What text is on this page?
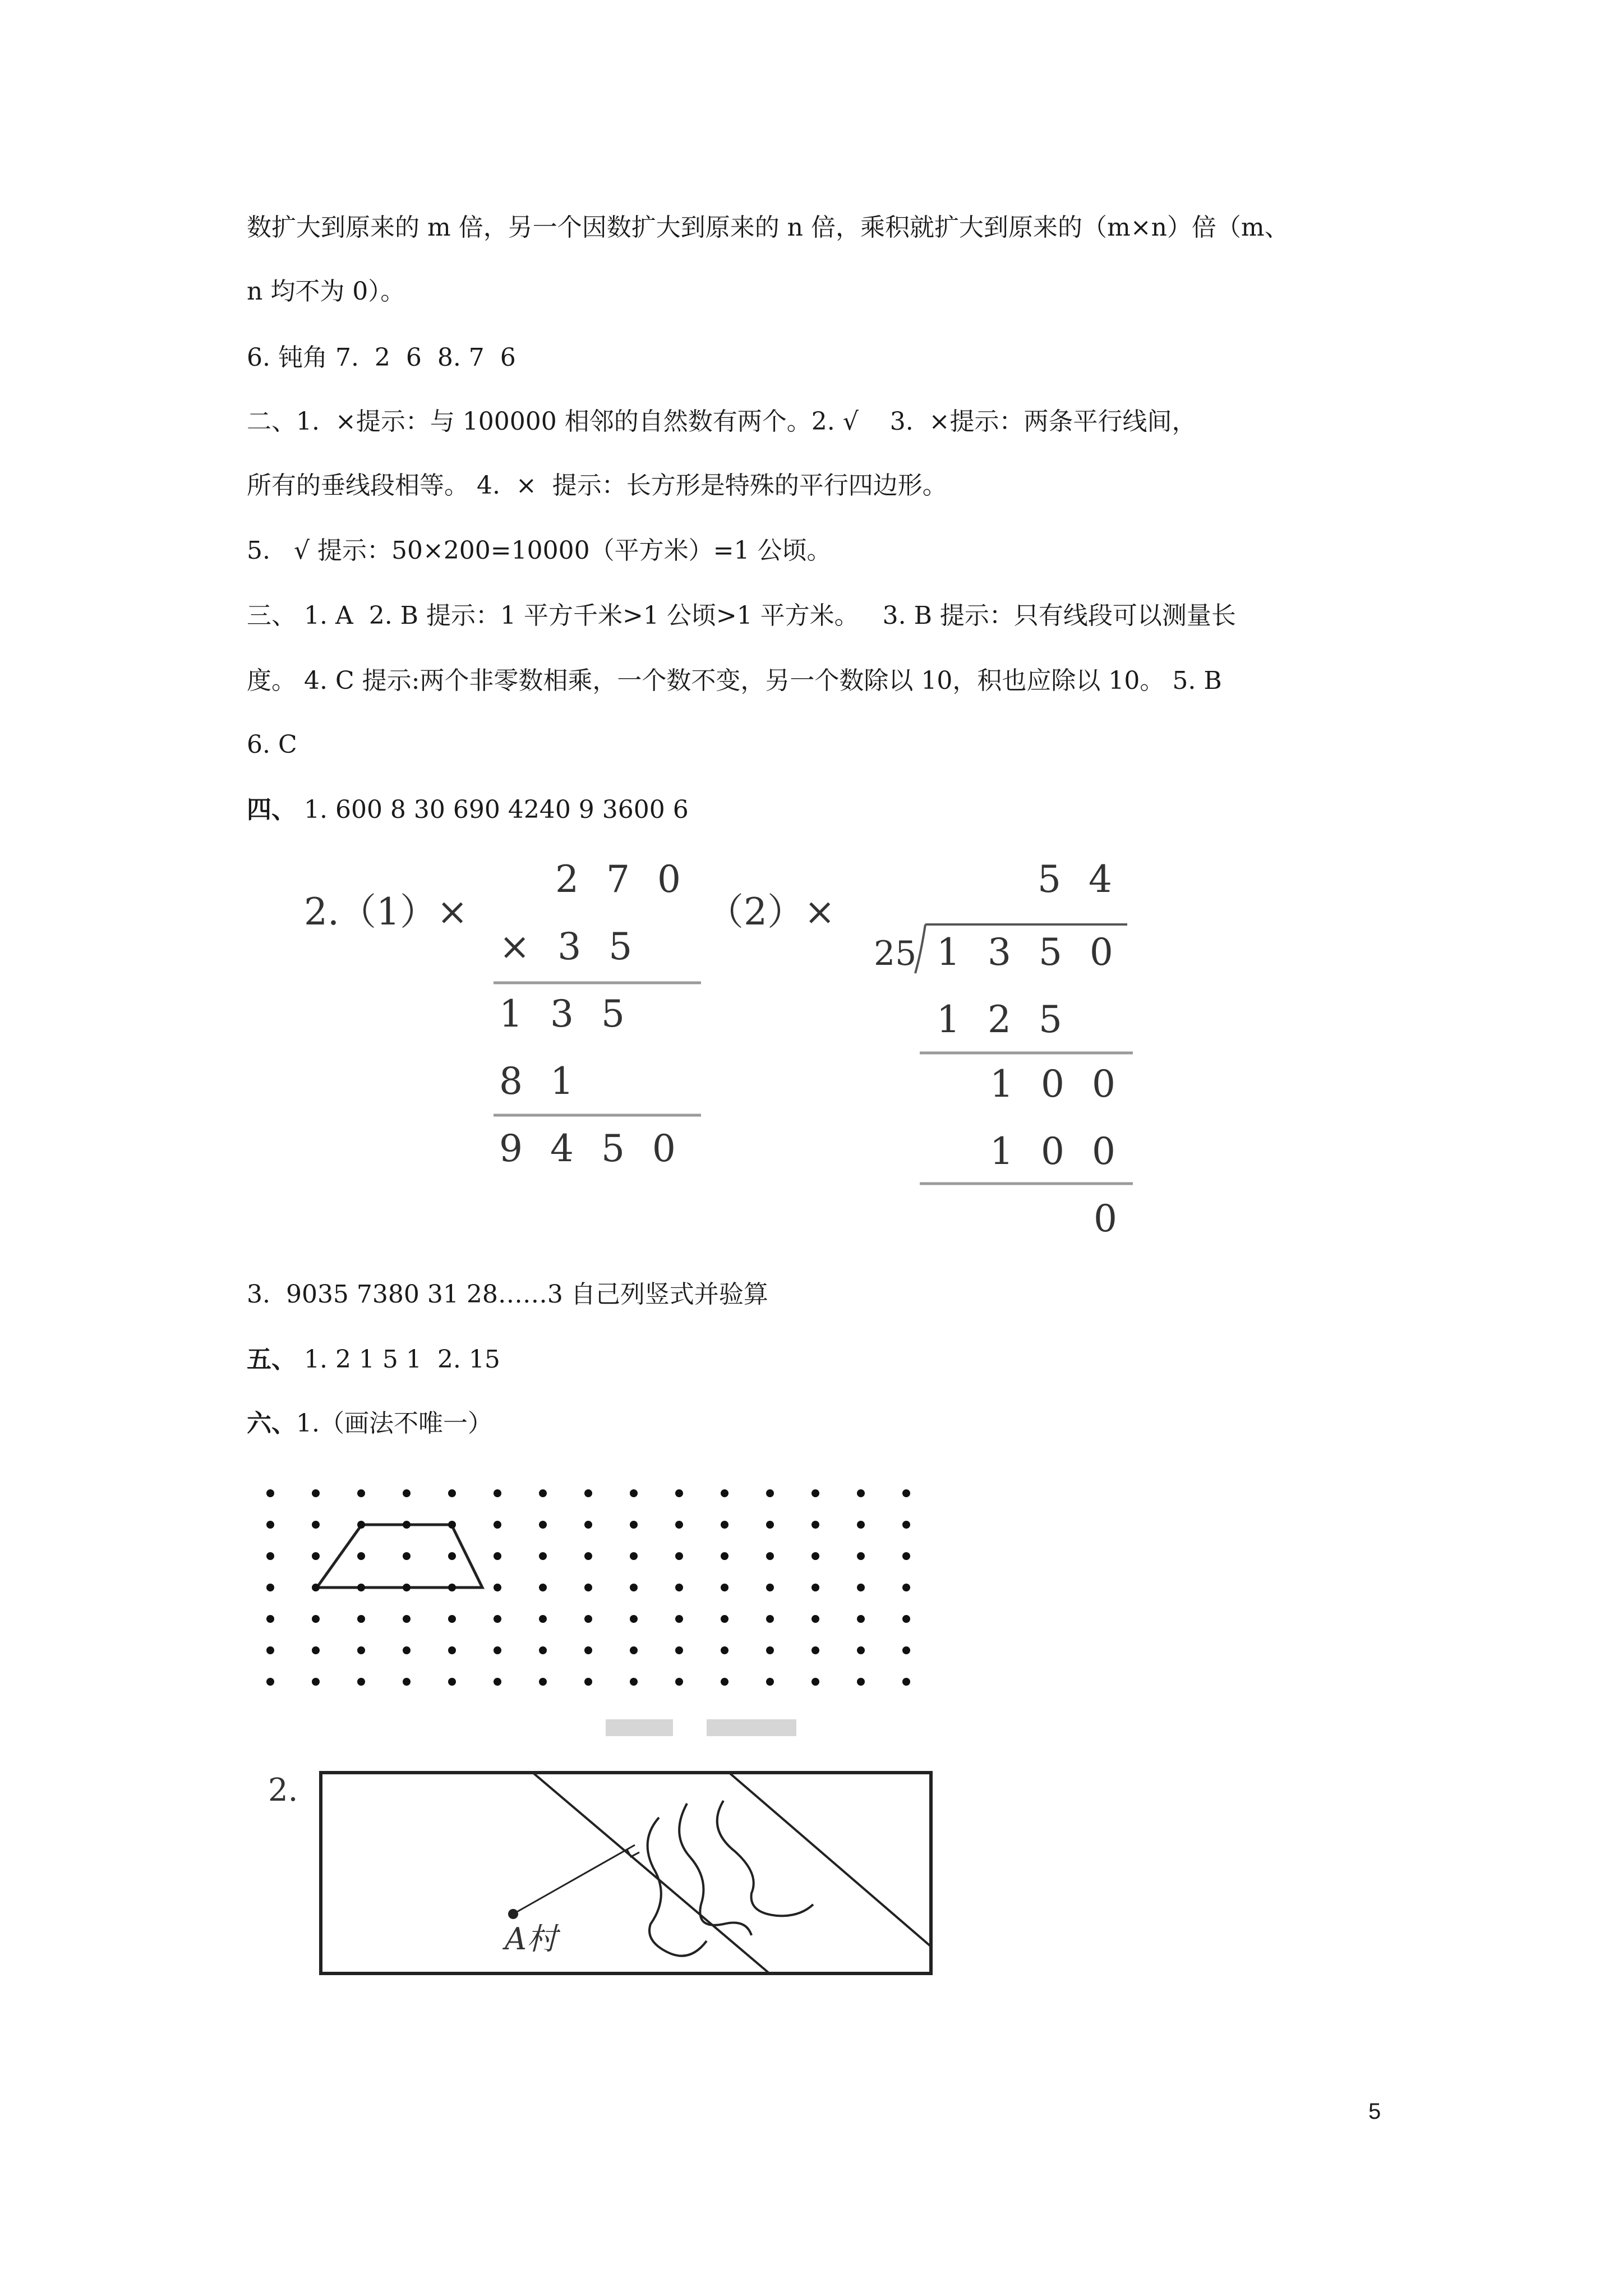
数扩大到原来的 m 倍，另一个因数扩大到原来的 n 倍，乘积就扩大到原来的（m×n）倍（m、
n 均不为 0）。
6. 钝角 7.  2  6  8. 7  6
二、1.  ×提示：与 100000 相邻的自然数有两个。2. √    3.  ×提示：两条平行线间，
所有的垂线段相等。 4.  ×  提示：长方形是特殊的平行四边形。
5.   √ 提示：50×200=10000（平方米）=1 公顷。
三、 1. A  2. B 提示：1 平方千米>1 公顷>1 平方米。   3. B 提示：只有线段可以测量长
度。 4. C 提示:两个非零数相乘，一个数不变，另一个数除以 10，积也应除以 10。 5. B
6. C
四、 1. 600 8 30 690 4240 9 3600 6
2.（1）×
2 7 0
× 3 5
1 3 5
8 1
9 4 5 0
（2）×
5 4
25 1 3 5 0
1 2 5
1 0 0
1 0 0
0
3.  9035 7380 31 28……3 自己列竖式并验算
五、 1. 2 1 5 1  2. 15
六、1.（画法不唯一）
2.
A村
5
